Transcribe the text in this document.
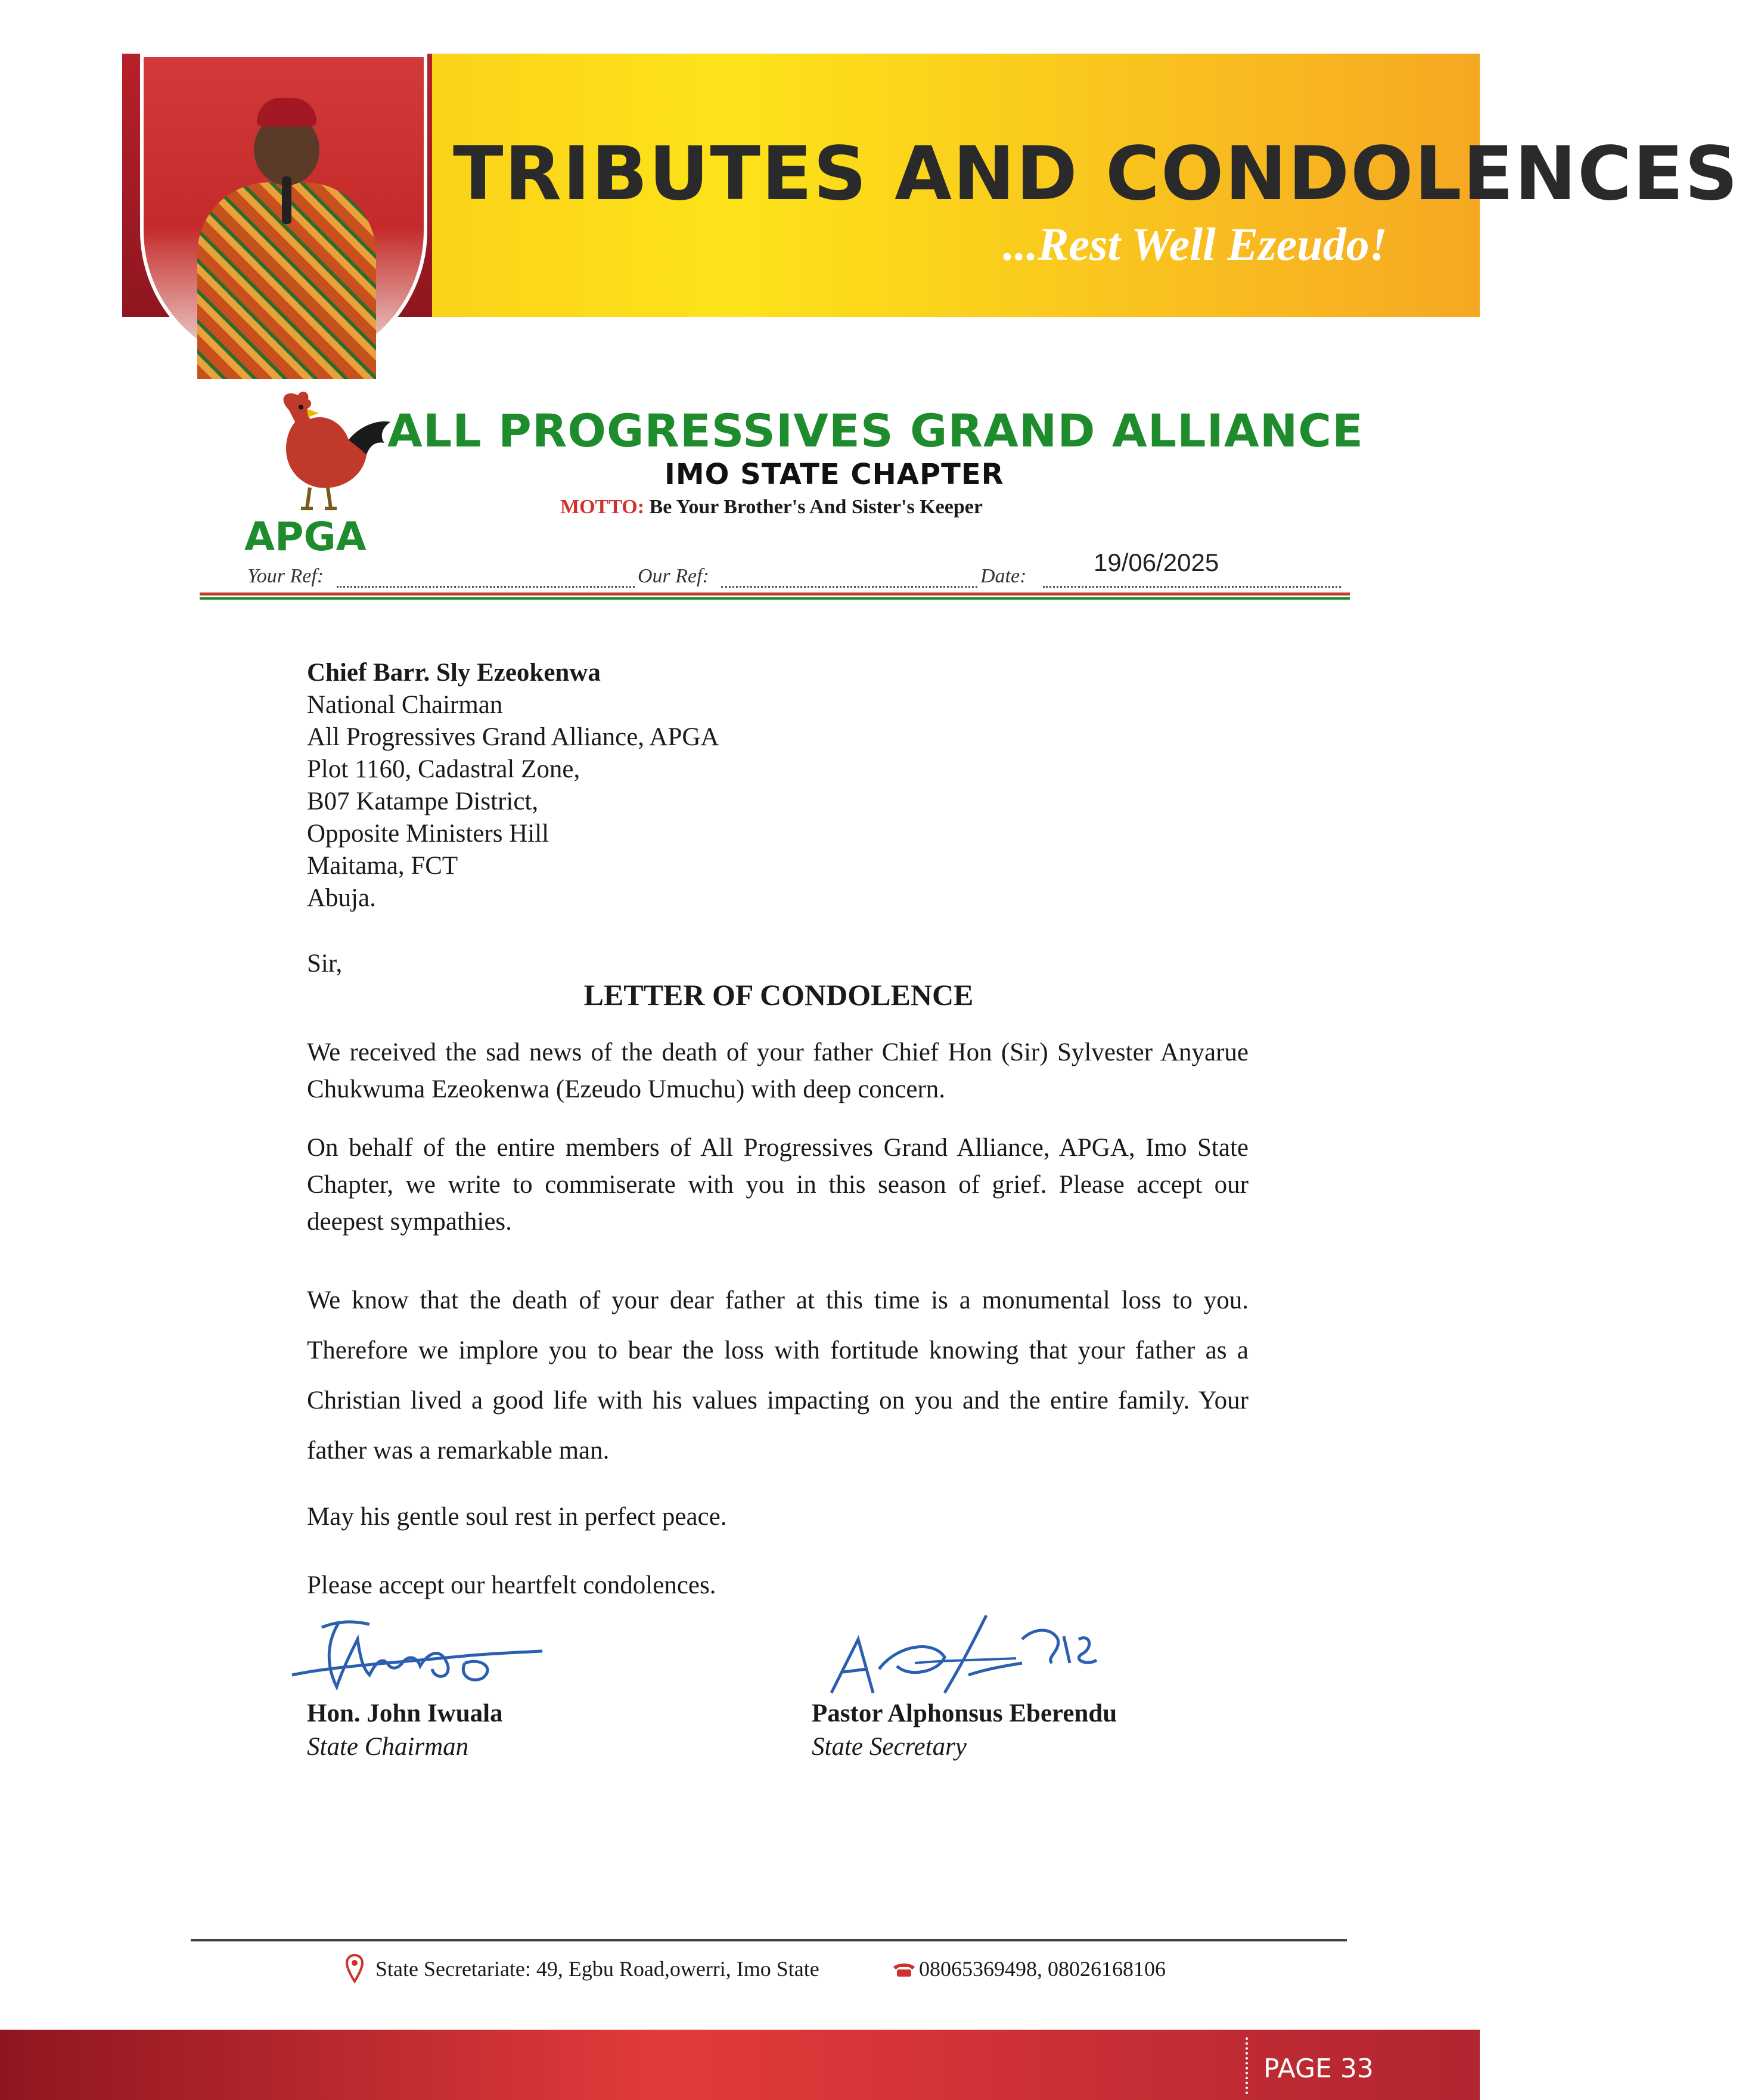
TRIBUTES AND CONDOLENCES
...Rest Well Ezeudo!
ALL PROGRESSIVES GRAND ALLIANCE
IMO STATE CHAPTER
MOTTO: Be Your Brother's And Sister's Keeper
APGA
Your Ref:	Our Ref:	Date:	19/06/2025
Chief Barr. Sly Ezeokenwa
National Chairman
All Progressives Grand Alliance, APGA
Plot 1160, Cadastral Zone,
B07 Katampe District,
Opposite Ministers Hill
Maitama, FCT
Abuja.
Sir,
LETTER OF CONDOLENCE
We received the sad news of the death of your father Chief Hon (Sir) Sylvester Anyarue Chukwuma Ezeokenwa (Ezeudo Umuchu) with deep concern.
On behalf of the entire members of All Progressives Grand Alliance, APGA, Imo State Chapter, we write to commiserate with you in this season of grief. Please accept our deepest sympathies.
We know that the death of your dear father at this time is a monumental loss to you. Therefore we implore you to bear the loss with fortitude knowing that your father as a Christian lived a good life with his values impacting on you and the entire family. Your father was a remarkable man.
May his gentle soul rest in perfect peace.
Please accept our heartfelt condolences.
Hon. John Iwuala
State Chairman
Pastor Alphonsus Eberendu
State Secretary
State Secretariate: 49, Egbu Road,owerri, Imo State	08065369498, 08026168106
PAGE 33
